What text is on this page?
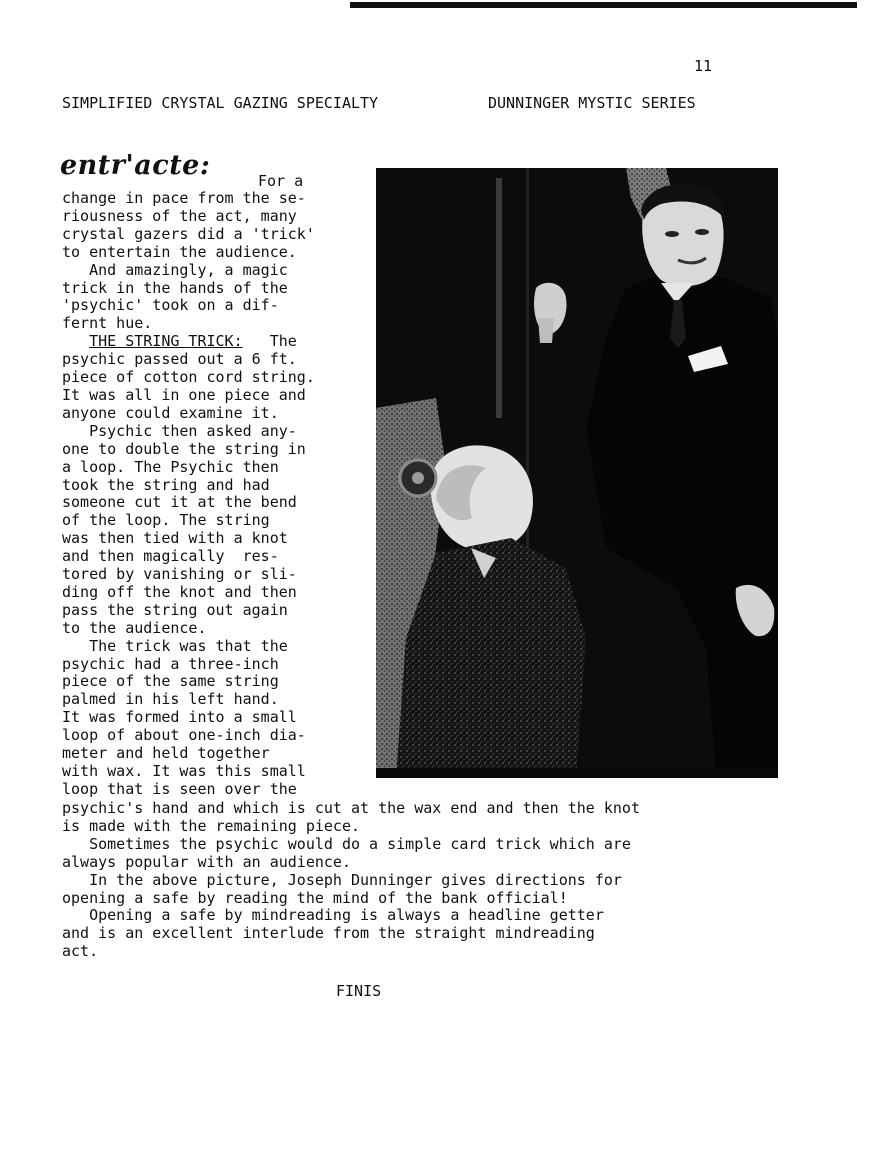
11
SIMPLIFIED CRYSTAL GAZING SPECIALTY	DUNNINGER MYSTIC SERIES
entr'acte:	For a
change in pace from the se-
riousness of the act, many
crystal gazers did a 'trick'
to entertain the audience.
And amazingly, a magic
trick in the hands of the
'psychic' took on a dif-
fernt hue.
THE STRING TRICK:   The
psychic passed out a 6 ft.
piece of cotton cord string.
It was all in one piece and
anyone could examine it.
Psychic then asked any-
one to double the string in
a loop. The Psychic then
took the string and had
someone cut it at the bend
of the loop. The string
was then tied with a knot
and then magically  res-
tored by vanishing or sli-
ding off the knot and then
pass the string out again
to the audience.
The trick was that the
psychic had a three-inch
piece of the same string
palmed in his left hand.
It was formed into a small
loop of about one-inch dia-
meter and held together
with wax. It was this small
loop that is seen over the
psychic's hand and which is cut at the wax end and then the knot
is made with the remaining piece.
Sometimes the psychic would do a simple card trick which are
always popular with an audience.
In the above picture, Joseph Dunninger gives directions for
opening a safe by reading the mind of the bank official!
Opening a safe by mindreading is always a headline getter
and is an excellent interlude from the straight mindreading
act.
FINIS
